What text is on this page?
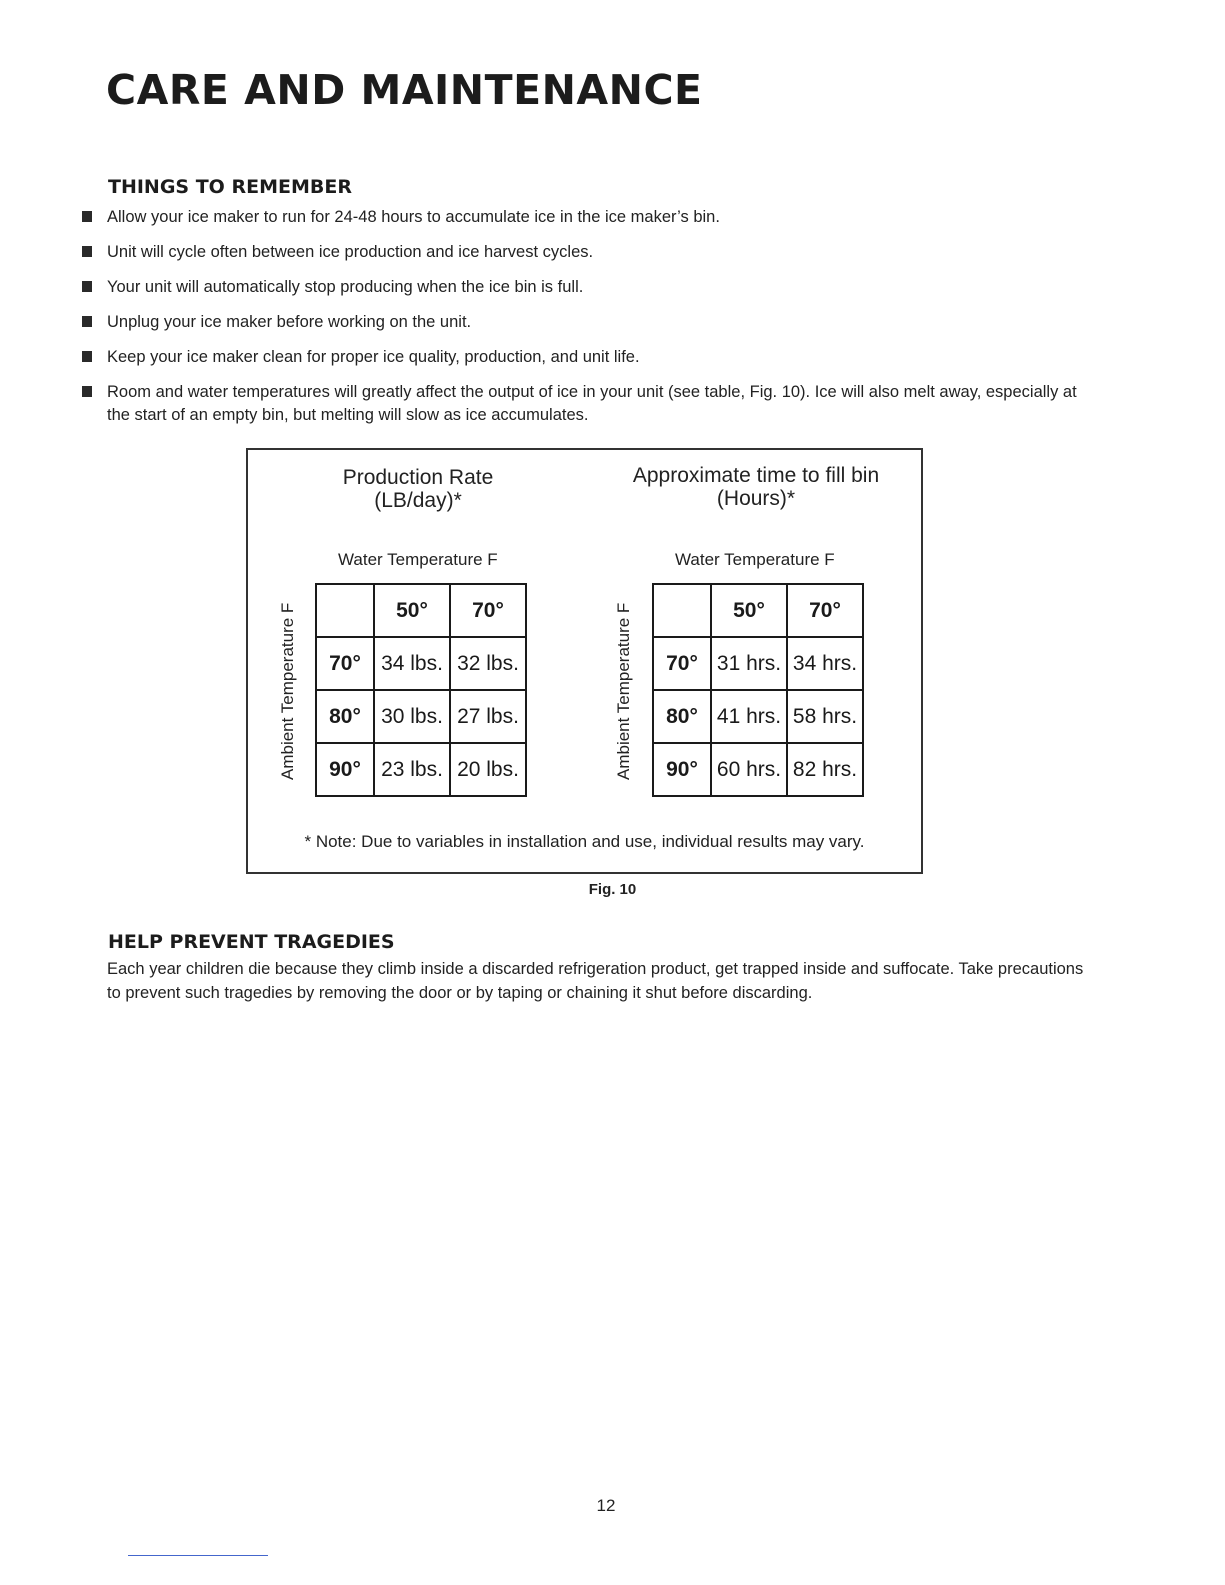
CARE AND MAINTENANCE
THINGS TO REMEMBER
Allow your ice maker to run for 24-48 hours to accumulate ice in the ice maker’s bin.
Unit will cycle often between ice production and ice harvest cycles.
Your unit will automatically stop producing when the ice bin is full.
Unplug your ice maker before working on the unit.
Keep your ice maker clean for proper ice quality, production, and unit life.
Room and water temperatures will greatly affect the output of ice in your unit (see table, Fig. 10). Ice will also melt away, especially at the start of an empty bin, but melting will slow as ice accumulates.
Production Rate
(LB/day)*
Water Temperature F
Ambient Temperature F
		50°	70°
70°	34 lbs.	32 lbs.
80°	30 lbs.	27 lbs.
90°	23 lbs.	20 lbs.
Approximate time to fill bin
(Hours)*
Water Temperature F
Ambient Temperature F
		50°	70°
70°	31 hrs.	34 hrs.
80°	41 hrs.	58 hrs.
90°	60 hrs.	82 hrs.
* Note: Due to variables in installation and use, individual results may vary.
Fig. 10
HELP PREVENT TRAGEDIES
Each year children die because they climb inside a discarded refrigeration product, get trapped inside and suffocate. Take precautions to prevent such tragedies by removing the door or by taping or chaining it shut before discarding.
12
